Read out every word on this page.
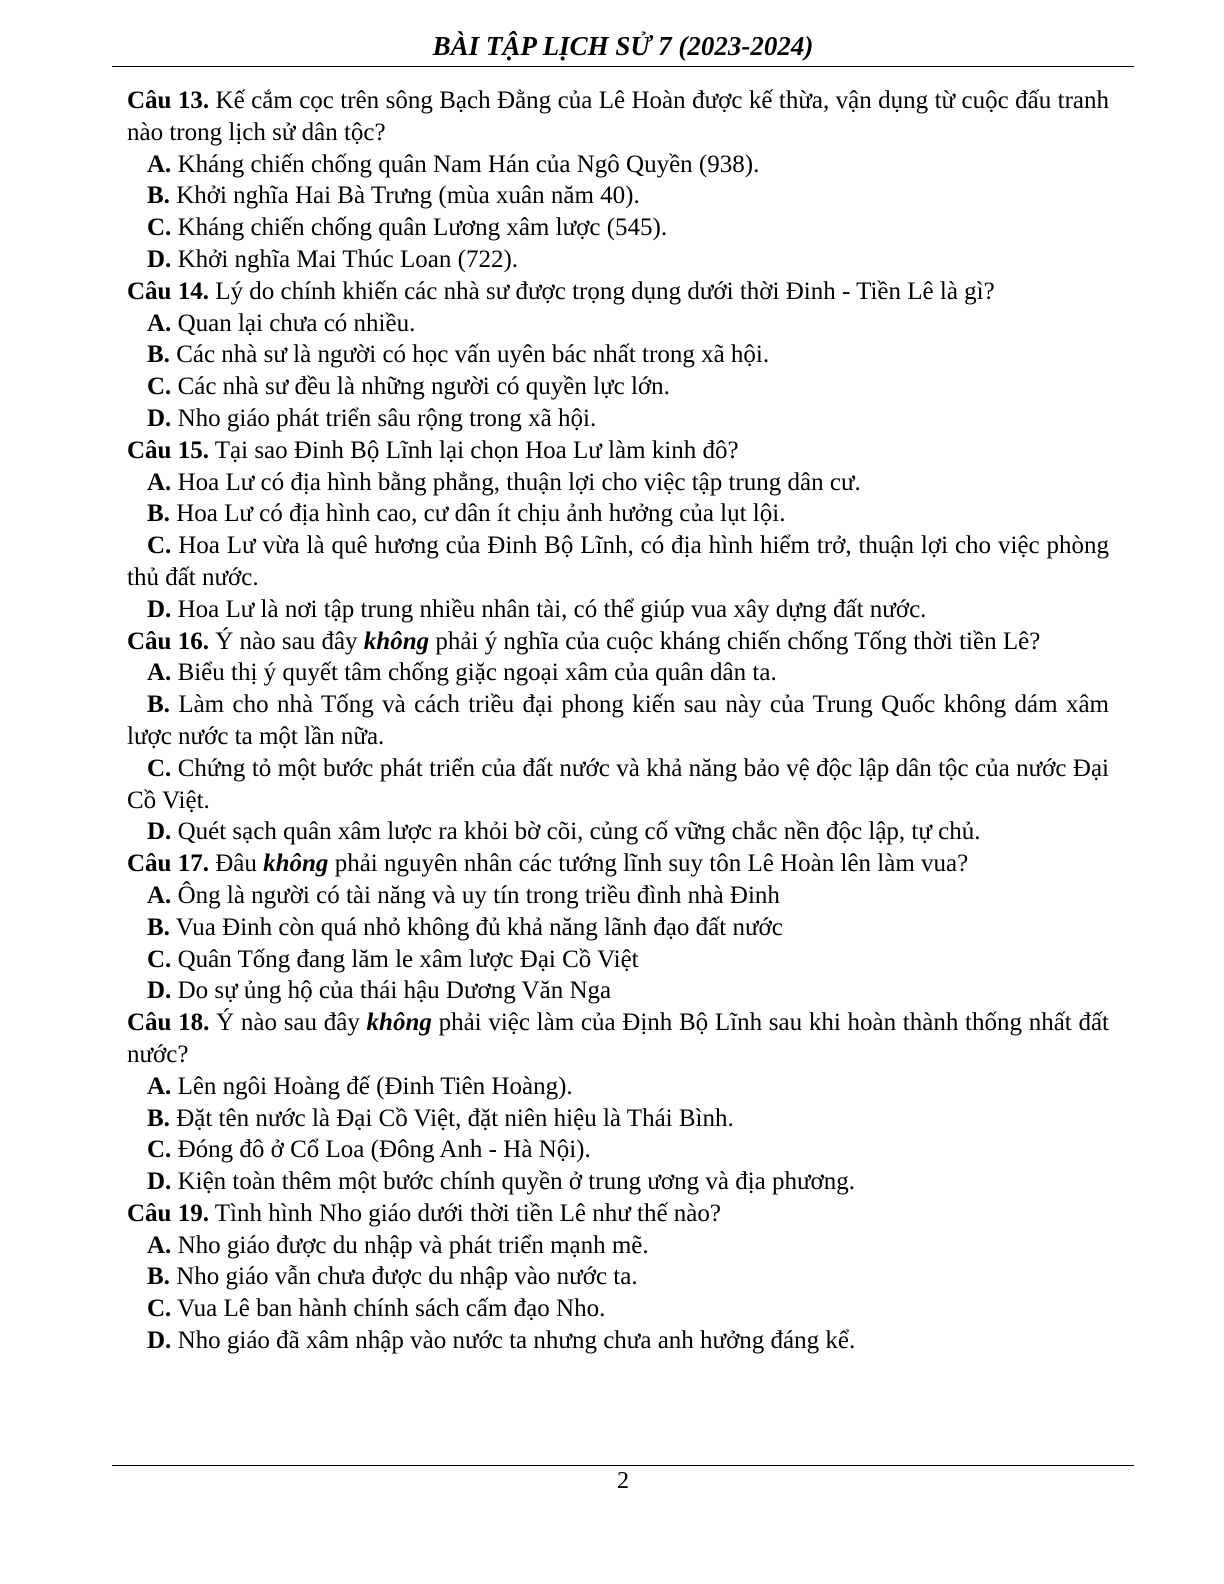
BÀI TẬP LỊCH SỬ 7 (2023-2024)

Câu 13. Kế cắm cọc trên sông Bạch Đằng của Lê Hoàn được kế thừa, vận dụng từ cuộc đấu tranh nào trong lịch sử dân tộc?

A. Kháng chiến chống quân Nam Hán của Ngô Quyền (938).

B. Khởi nghĩa Hai Bà Trưng (mùa xuân năm 40).

C. Kháng chiến chống quân Lương xâm lược (545).

D. Khởi nghĩa Mai Thúc Loan (722).

Câu 14. Lý do chính khiến các nhà sư được trọng dụng dưới thời Đinh - Tiền Lê là gì?

A. Quan lại chưa có nhiều.

B. Các nhà sư là người có học vấn uyên bác nhất trong xã hội.

C. Các nhà sư đều là những người có quyền lực lớn.

D. Nho giáo phát triển sâu rộng trong xã hội.

Câu 15. Tại sao Đinh Bộ Lĩnh lại chọn Hoa Lư làm kinh đô?

A. Hoa Lư có địa hình bằng phẳng, thuận lợi cho việc tập trung dân cư.

B. Hoa Lư có địa hình cao, cư dân ít chịu ảnh hưởng của lụt lội.

C. Hoa Lư vừa là quê hương của Đinh Bộ Lĩnh, có địa hình hiểm trở, thuận lợi cho việc phòng thủ đất nước.

D. Hoa Lư là nơi tập trung nhiều nhân tài, có thể giúp vua xây dựng đất nước.

Câu 16. Ý nào sau đây không phải ý nghĩa của cuộc kháng chiến chống Tống thời tiền Lê?

A. Biểu thị ý quyết tâm chống giặc ngoại xâm của quân dân ta.

B. Làm cho nhà Tống và cách triều đại phong kiến sau này của Trung Quốc không dám xâm lược nước ta một lần nữa.

C. Chứng tỏ một bước phát triển của đất nước và khả năng bảo vệ độc lập dân tộc của nước Đại Cồ Việt.

D. Quét sạch quân xâm lược ra khỏi bờ cõi, củng cố vững chắc nền độc lập, tự chủ.

Câu 17. Đâu không phải nguyên nhân các tướng lĩnh suy tôn Lê Hoàn lên làm vua?

A. Ông là người có tài năng và uy tín trong triều đình nhà Đinh

B. Vua Đinh còn quá nhỏ không đủ khả năng lãnh đạo đất nước

C. Quân Tống đang lăm le xâm lược Đại Cồ Việt

D. Do sự ủng hộ của thái hậu Dương Văn Nga

Câu 18. Ý nào sau đây không phải việc làm của Định Bộ Lĩnh sau khi hoàn thành thống nhất đất nước?

A. Lên ngôi Hoàng đế (Đinh Tiên Hoàng).

B. Đặt tên nước là Đại Cồ Việt, đặt niên hiệu là Thái Bình.

C. Đóng đô ở Cổ Loa (Đông Anh - Hà Nội).

D. Kiện toàn thêm một bước chính quyền ở trung ương và địa phương.

Câu 19. Tình hình Nho giáo dưới thời tiền Lê như thế nào?

A. Nho giáo được du nhập và phát triển mạnh mẽ.

B. Nho giáo vẫn chưa được du nhập vào nước ta.

C. Vua Lê ban hành chính sách cấm đạo Nho.

D. Nho giáo đã xâm nhập vào nước ta nhưng chưa anh hưởng đáng kể.

2
